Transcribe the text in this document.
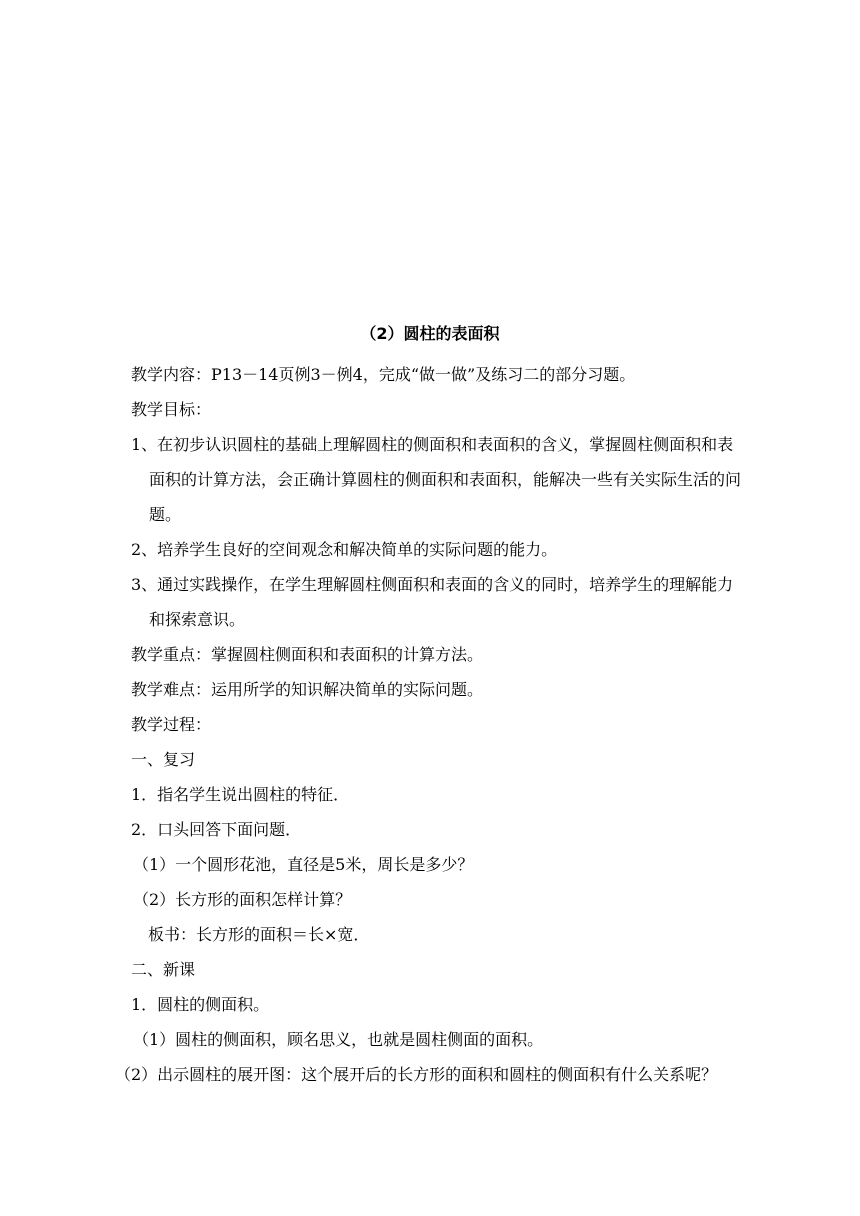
（2）圆柱的表面积

教学内容：P13－14页例3－例4，完成“做一做”及练习二的部分习题。

教学目标：

1、在初步认识圆柱的基础上理解圆柱的侧面积和表面积的含义，掌握圆柱侧面积和表面积的计算方法，会正确计算圆柱的侧面积和表面积，能解决一些有关实际生活的问题。

2、培养学生良好的空间观念和解决简单的实际问题的能力。

3、通过实践操作，在学生理解圆柱侧面积和表面的含义的同时，培养学生的理解能力和探索意识。

教学重点：掌握圆柱侧面积和表面积的计算方法。

教学难点：运用所学的知识解决简单的实际问题。

教学过程：

一、复习

1．指名学生说出圆柱的特征．

2．口头回答下面问题．

（1）一个圆形花池，直径是5米，周长是多少？

（2）长方形的面积怎样计算？

板书：长方形的面积＝长×宽．

二、新课

1．圆柱的侧面积。

（1）圆柱的侧面积，顾名思义，也就是圆柱侧面的面积。

（2）出示圆柱的展开图：这个展开后的长方形的面积和圆柱的侧面积有什么关系呢？
